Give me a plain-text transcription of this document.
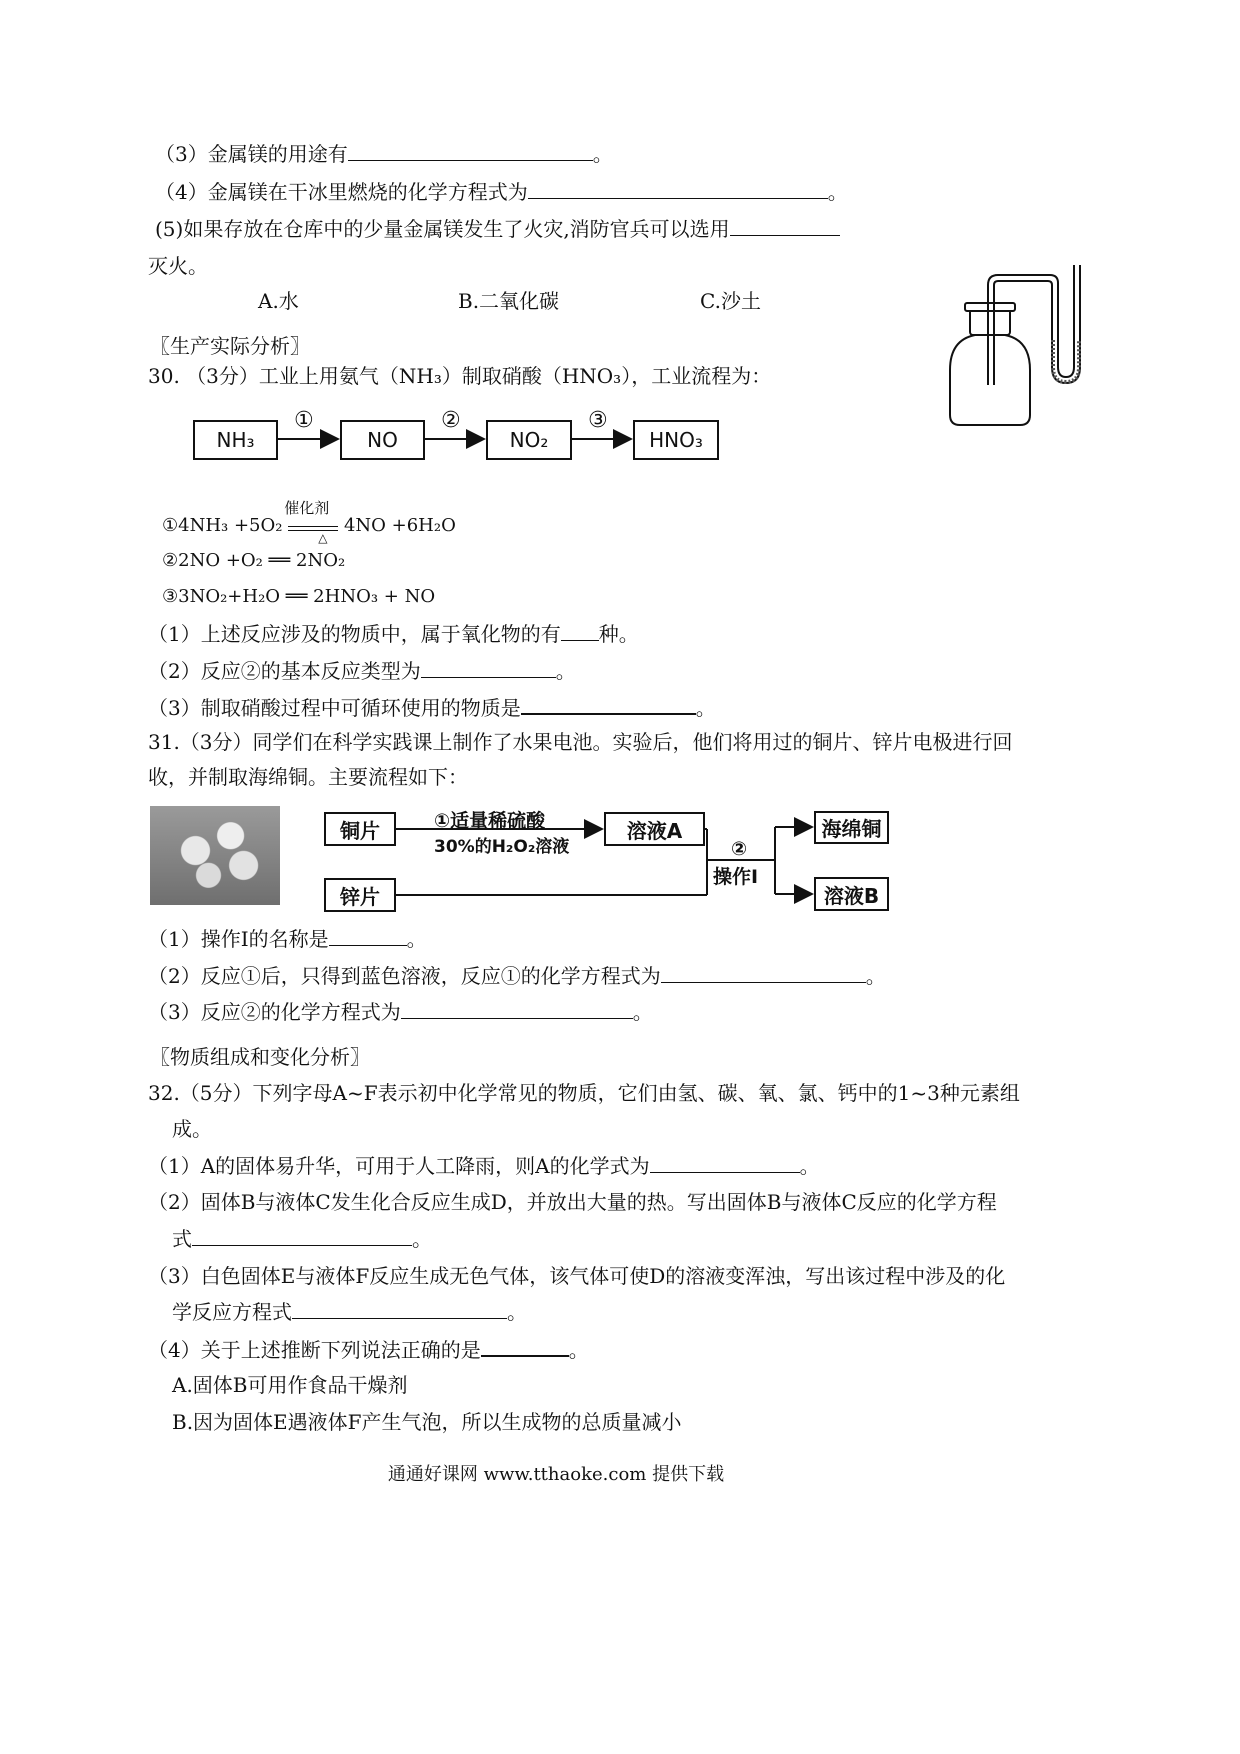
（3）金属镁的用途有	。
（4）金属镁在干冰里燃烧的化学方程式为	。
(5)如果存放在仓库中的少量金属镁发生了火灾,消防官兵可以选用
灭火。
A.水	B.二氧化碳	C.沙土
〖生产实际分析〗
30. （3分）工业上用氨气（NH₃）制取硝酸（HNO₃），工业流程为：
NH₃	NO	NO₂	HNO₃
①	②	③
①4NH₃ +5O₂
催化剂
△
4NO +6H₂O
②2NO +O₂ ══ 2NO₂
③3NO₂+H₂O ══ 2HNO₃ + NO
（1）上述反应涉及的物质中，属于氧化物的有 种。
（2）反应②的基本反应类型为	。
（3）制取硝酸过程中可循环使用的物质是	。
31.（3分）同学们在科学实践课上制作了水果电池。实验后，他们将用过的铜片、锌片电极进行回
收，并制取海绵铜。主要流程如下：
铜片
锌片
溶液A	海绵铜
溶液B
①适量稀硫酸
30%的H₂O₂溶液	②
操作Ⅰ
（1）操作Ⅰ的名称是	。
（2）反应①后，只得到蓝色溶液，反应①的化学方程式为	。
（3）反应②的化学方程式为	。
〖物质组成和变化分析〗
32.（5分）下列字母A~F表示初中化学常见的物质，它们由氢、碳、氧、氯、钙中的1~3种元素组
成。
（1）A的固体易升华，可用于人工降雨，则A的化学式为	。
（2）固体B与液体C发生化合反应生成D，并放出大量的热。写出固体B与液体C反应的化学方程
式	。
（3）白色固体E与液体F反应生成无色气体，该气体可使D的溶液变浑浊，写出该过程中涉及的化
学反应方程式	。
（4）关于上述推断下列说法正确的是	。
A.固体B可用作食品干燥剂
B.因为固体E遇液体F产生气泡，所以生成物的总质量减小
通通好课网 www.tthaoke.com 提供下载
